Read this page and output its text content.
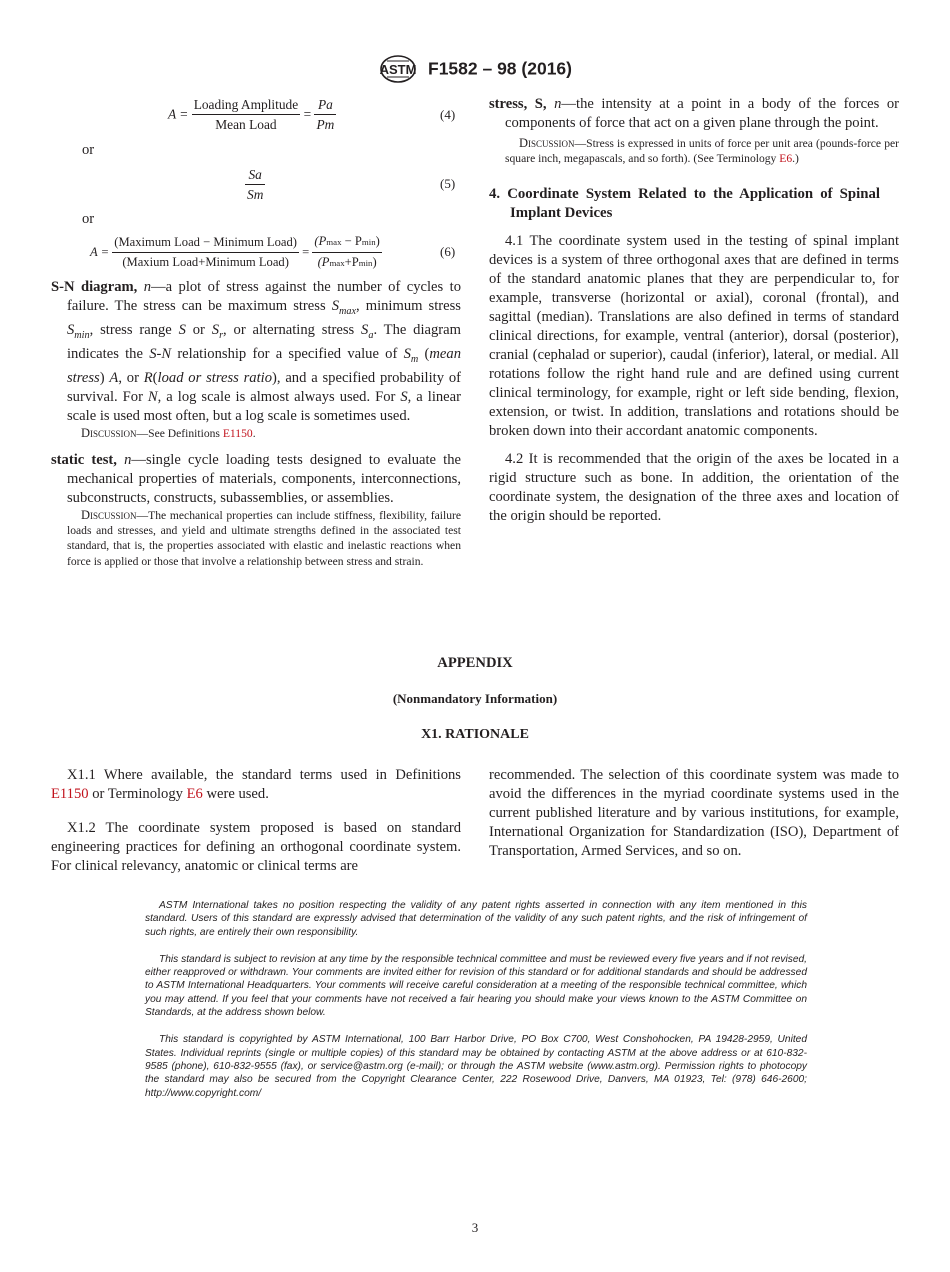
ASTM F1582 – 98 (2016)
$A = \frac{\text{Loading Amplitude}}{\text{Mean Load}} = \frac{Pa}{Pm}$	(4)
or
$\frac{Sa}{Sm}$	(5)
or
$A = \frac{\text{(Maximum Load − Minimum Load)}}{\text{(Maxium Load+Minimum Load)}} = \frac{(Pmax - Pmin)}{(Pmax+Pmin)}$	(6)

S-N diagram, n—a plot of stress against the number of cycles to failure. The stress can be maximum stress $S_{max}$, minimum stress $S_{min}$, stress range S or $S_r$, or alternating stress $S_a$. The diagram indicates the S-N relationship for a specified value of $S_m$ (mean stress) A, or R(load or stress ratio), and a specified probability of survival. For N, a log scale is almost always used. For S, a linear scale is used most often, but a log scale is sometimes used.

Discussion—See Definitions E1150.

static test, n—single cycle loading tests designed to evaluate the mechanical properties of materials, components, interconnections, subconstructs, constructs, subassemblies, or assemblies.

Discussion—The mechanical properties can include stiffness, flexibility, failure loads and stresses, and yield and ultimate strengths defined in the associated test standard, that is, the properties associated with elastic and inelastic reactions when force is applied or those that involve a relationship between stress and strain.

stress, S, n—the intensity at a point in a body of the forces or components of force that act on a given plane through the point.

Discussion—Stress is expressed in units of force per unit area (pounds-force per square inch, megapascals, and so forth). (See Terminology E6.)

4. Coordinate System Related to the Application of Spinal Implant Devices

4.1 The coordinate system used in the testing of spinal implant devices is a system of three orthogonal axes that are defined in terms of the standard anatomic planes that they are perpendicular to, for example, transverse (horizontal or axial), coronal (frontal), and sagittal (median). Translations are also defined in terms of standard clinical directions, for example, ventral (anterior), dorsal (posterior), cranial (cephalad or superior), caudal (inferior), lateral, or medial. All rotations follow the right hand rule and are defined using current clinical terminology, for example, right or left side bending, flexion, extension, or twist. In addition, translations and rotations should be broken down into their accordant anatomic components.

4.2 It is recommended that the origin of the axes be located in a rigid structure such as bone. In addition, the orientation of the coordinate system, the designation of the three axes and location of the origin should be reported.

APPENDIX
(Nonmandatory Information)
X1. RATIONALE

X1.1 Where available, the standard terms used in Definitions E1150 or Terminology E6 were used.

X1.2 The coordinate system proposed is based on standard engineering practices for defining an orthogonal coordinate system. For clinical relevancy, anatomic or clinical terms are

recommended. The selection of this coordinate system was made to avoid the differences in the myriad coordinate systems used in the current published literature and by various institutions, for example, International Organization for Standardization (ISO), Department of Transportation, Armed Services, and so on.

ASTM International takes no position respecting the validity of any patent rights asserted in connection with any item mentioned in this standard. Users of this standard are expressly advised that determination of the validity of any such patent rights, and the risk of infringement of such rights, are entirely their own responsibility.

This standard is subject to revision at any time by the responsible technical committee and must be reviewed every five years and if not revised, either reapproved or withdrawn. Your comments are invited either for revision of this standard or for additional standards and should be addressed to ASTM International Headquarters. Your comments will receive careful consideration at a meeting of the responsible technical committee, which you may attend. If you feel that your comments have not received a fair hearing you should make your views known to the ASTM Committee on Standards, at the address shown below.

This standard is copyrighted by ASTM International, 100 Barr Harbor Drive, PO Box C700, West Conshohocken, PA 19428-2959, United States. Individual reprints (single or multiple copies) of this standard may be obtained by contacting ASTM at the above address or at 610-832-9585 (phone), 610-832-9555 (fax), or service@astm.org (e-mail); or through the ASTM website (www.astm.org). Permission rights to photocopy the standard may also be secured from the Copyright Clearance Center, 222 Rosewood Drive, Danvers, MA 01923, Tel: (978) 646-2600; http://www.copyright.com/

3
